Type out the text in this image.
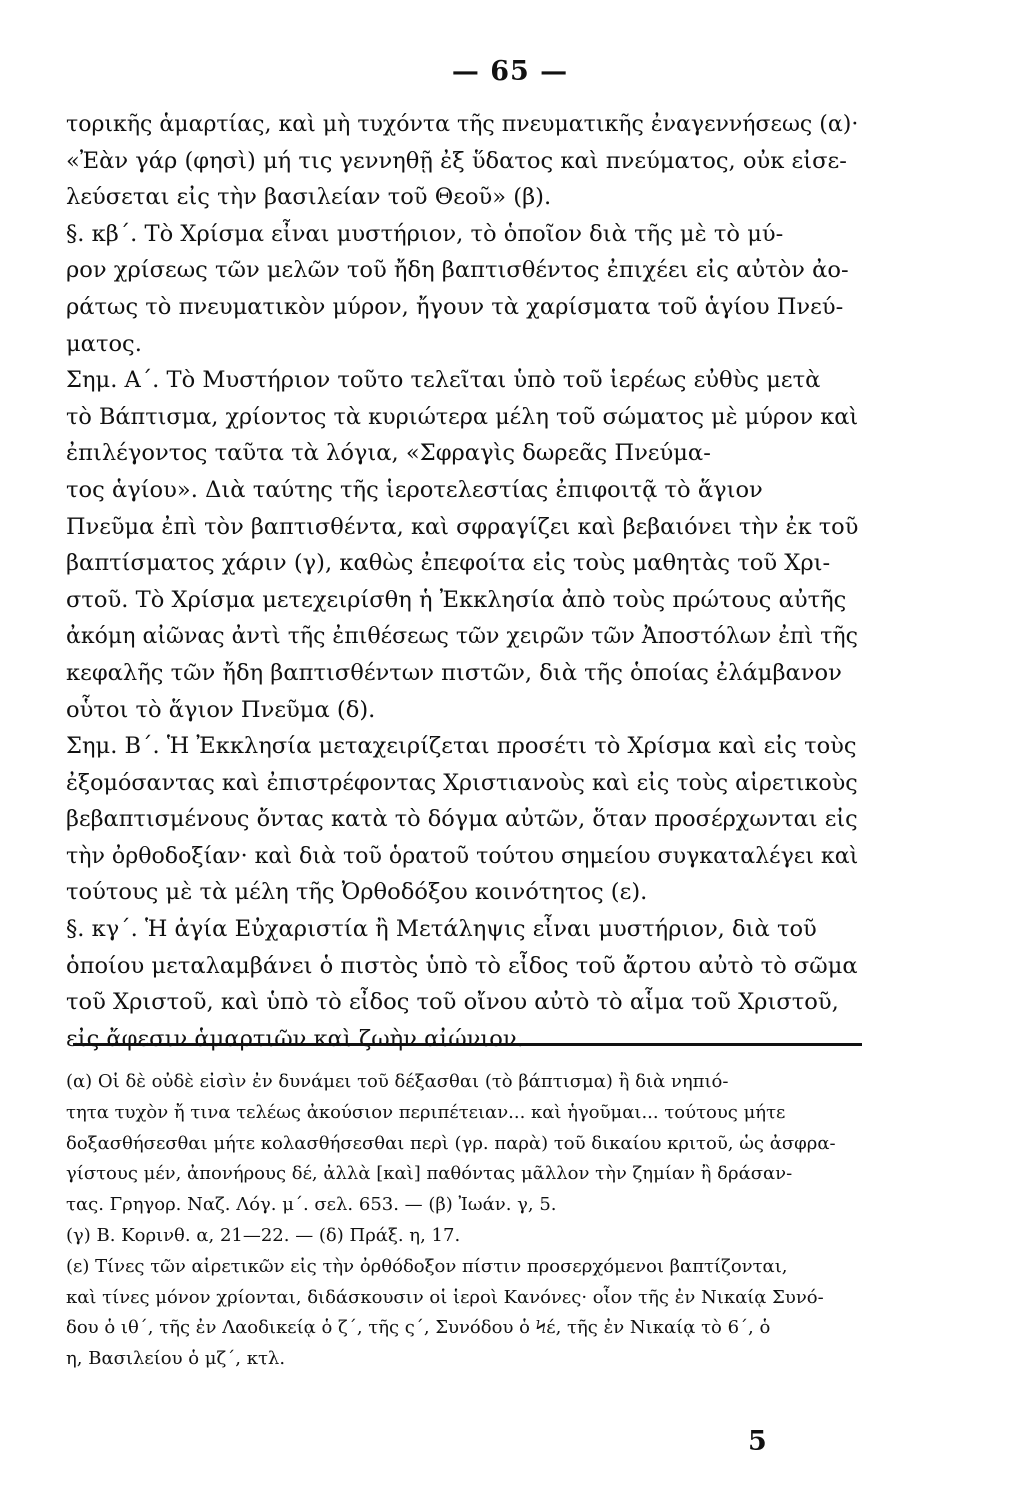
— 65 —
τορικῆς ἁμαρτίας, καὶ μὴ τυχόντα τῆς πνευματικῆς ἐναγεννήσεως (α)·
«Ἐὰν γάρ (φησὶ) μή τις γεννηθῇ ἐξ ὕδατος καὶ πνεύματος, οὐκ εἰσε-
λεύσεται εἰς τὴν βασιλείαν τοῦ Θεοῦ» (β).
§. κβ΄. Τὸ Χρίσμα εἶναι μυστήριον, τὸ ὁποῖον διὰ τῆς μὲ τὸ μύ-
ρον χρίσεως τῶν μελῶν τοῦ ἤδη βαπτισθέντος ἐπιχέει εἰς αὐτὸν ἀο-
ράτως τὸ πνευματικὸν μύρον, ἤγουν τὰ χαρίσματα τοῦ ἁγίου Πνεύ-
ματος.
Σημ. Α΄. Τὸ Μυστήριον τοῦτο τελεῖται ὑπὸ τοῦ ἱερέως εὐθὺς μετὰ
τὸ Βάπτισμα, χρίοντος τὰ κυριώτερα μέλη τοῦ σώματος μὲ μύρον καὶ
ἐπιλέγοντος ταῦτα τὰ λόγια, «Σφραγὶς δωρεᾶς Πνεύμα-
τος ἁγίου». Διὰ ταύτης τῆς ἱεροτελεστίας ἐπιφοιτᾷ τὸ ἅγιον
Πνεῦμα ἐπὶ τὸν βαπτισθέντα, καὶ σφραγίζει καὶ βεβαιόνει τὴν ἐκ τοῦ
βαπτίσματος χάριν (γ), καθὼς ἐπεφοίτα εἰς τοὺς μαθητὰς τοῦ Χρι-
στοῦ. Τὸ Χρίσμα μετεχειρίσθη ἡ Ἐκκλησία ἀπὸ τοὺς πρώτους αὐτῆς
ἀκόμη αἰῶνας ἀντὶ τῆς ἐπιθέσεως τῶν χειρῶν τῶν Ἀποστόλων ἐπὶ τῆς
κεφαλῆς τῶν ἤδη βαπτισθέντων πιστῶν, διὰ τῆς ὁποίας ἐλάμβανον
οὗτοι τὸ ἅγιον Πνεῦμα (δ).
Σημ. Β΄. Ἡ Ἐκκλησία μεταχειρίζεται προσέτι τὸ Χρίσμα καὶ εἰς τοὺς
ἐξομόσαντας καὶ ἐπιστρέφοντας Χριστιανοὺς καὶ εἰς τοὺς αἱρετικοὺς
βεβαπτισμένους ὄντας κατὰ τὸ δόγμα αὐτῶν, ὅταν προσέρχωνται εἰς
τὴν ὀρθοδοξίαν· καὶ διὰ τοῦ ὁρατοῦ τούτου σημείου συγκαταλέγει καὶ
τούτους μὲ τὰ μέλη τῆς Ὀρθοδόξου κοινότητος (ε).
§. κγ΄. Ἡ ἁγία Εὐχαριστία ἢ Μετάληψις εἶναι μυστήριον, διὰ τοῦ
ὁποίου μεταλαμβάνει ὁ πιστὸς ὑπὸ τὸ εἶδος τοῦ ἄρτου αὐτὸ τὸ σῶμα
τοῦ Χριστοῦ, καὶ ὑπὸ τὸ εἶδος τοῦ οἴνου αὐτὸ τὸ αἷμα τοῦ Χριστοῦ,
εἰς ἄφεσιν ἁμαρτιῶν καὶ ζωὴν αἰώνιον.
(α) Οἱ δὲ οὐδὲ εἰσὶν ἐν δυνάμει τοῦ δέξασθαι (τὸ βάπτισμα) ἢ διὰ νηπιό-
τητα τυχὸν ἤ τινα τελέως ἀκούσιον περιπέτειαν... καὶ ἡγοῦμαι... τούτους μήτε
δοξασθήσεσθαι μήτε κολασθήσεσθαι περὶ (γρ. παρὰ) τοῦ δικαίου κριτοῦ, ὡς ἀσφρα-
γίστους μέν, ἀπονήρους δέ, ἀλλὰ [καὶ] παθόντας μᾶλλον τὴν ζημίαν ἢ δράσαν-
τας. Γρηγορ. Ναζ. Λόγ. μ΄. σελ. 653. — (β) Ἰωάν. γ, 5.
(γ) Β. Κορινθ. α, 21—22. — (δ) Πράξ. η, 17.
(ε) Τίνες τῶν αἱρετικῶν εἰς τὴν ὀρθόδοξον πίστιν προσερχόμενοι βαπτίζονται,
καὶ τίνες μόνον χρίονται, διδάσκουσιν οἱ ἱεροὶ Κανόνες· οἷον τῆς ἐν Νικαίᾳ Συνό-
δου ὁ ιθ΄, τῆς ἐν Λαοδικείᾳ ὁ ζ΄, τῆς ς΄, Συνόδου ὁ Ϟέ, τῆς ἐν Νικαίᾳ τὸ 6΄, ὁ
η, Βασιλείου ὁ μζ΄, κτλ.
5
